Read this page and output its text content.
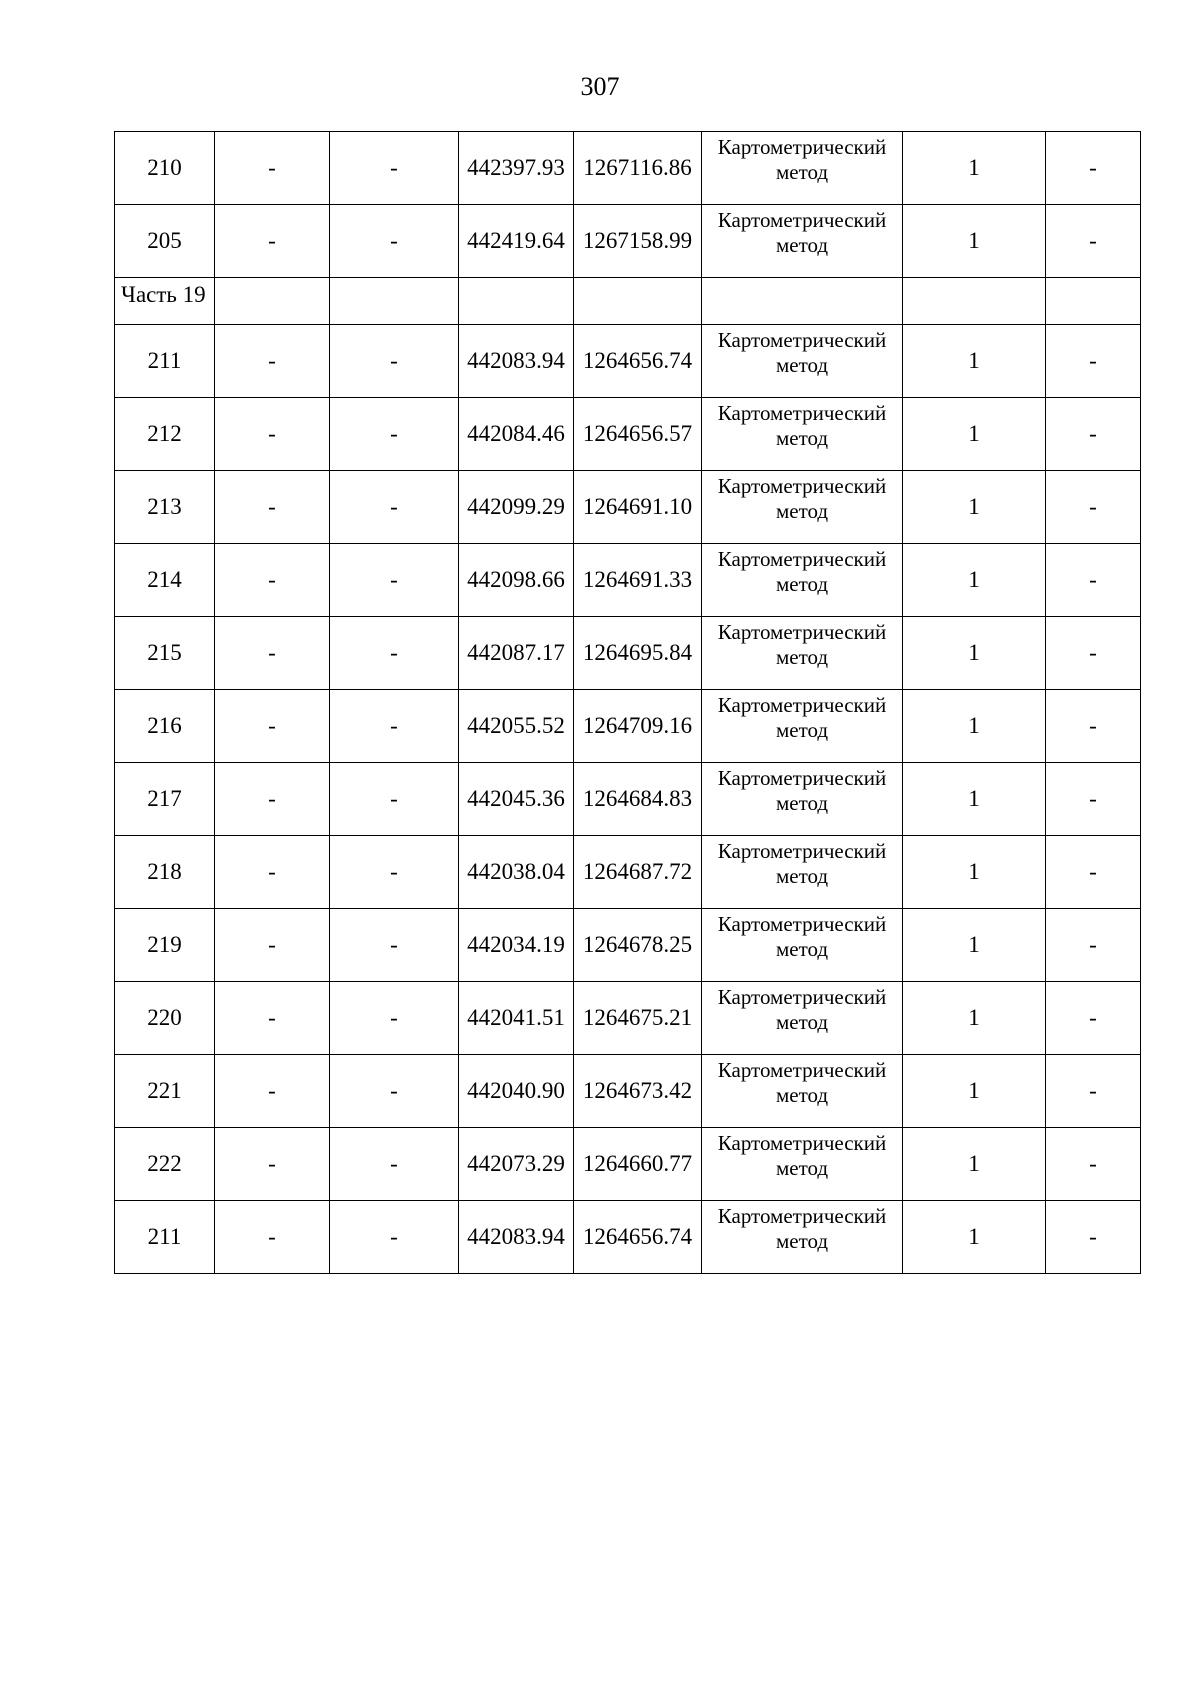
307
210	-	-	442397.93	1267116.86	Картометрический метод	1	-
205	-	-	442419.64	1267158.99	Картометрический метод	1	-
Часть 19							
211	-	-	442083.94	1264656.74	Картометрический метод	1	-
212	-	-	442084.46	1264656.57	Картометрический метод	1	-
213	-	-	442099.29	1264691.10	Картометрический метод	1	-
214	-	-	442098.66	1264691.33	Картометрический метод	1	-
215	-	-	442087.17	1264695.84	Картометрический метод	1	-
216	-	-	442055.52	1264709.16	Картометрический метод	1	-
217	-	-	442045.36	1264684.83	Картометрический метод	1	-
218	-	-	442038.04	1264687.72	Картометрический метод	1	-
219	-	-	442034.19	1264678.25	Картометрический метод	1	-
220	-	-	442041.51	1264675.21	Картометрический метод	1	-
221	-	-	442040.90	1264673.42	Картометрический метод	1	-
222	-	-	442073.29	1264660.77	Картометрический метод	1	-
211	-	-	442083.94	1264656.74	Картометрический метод	1	-
